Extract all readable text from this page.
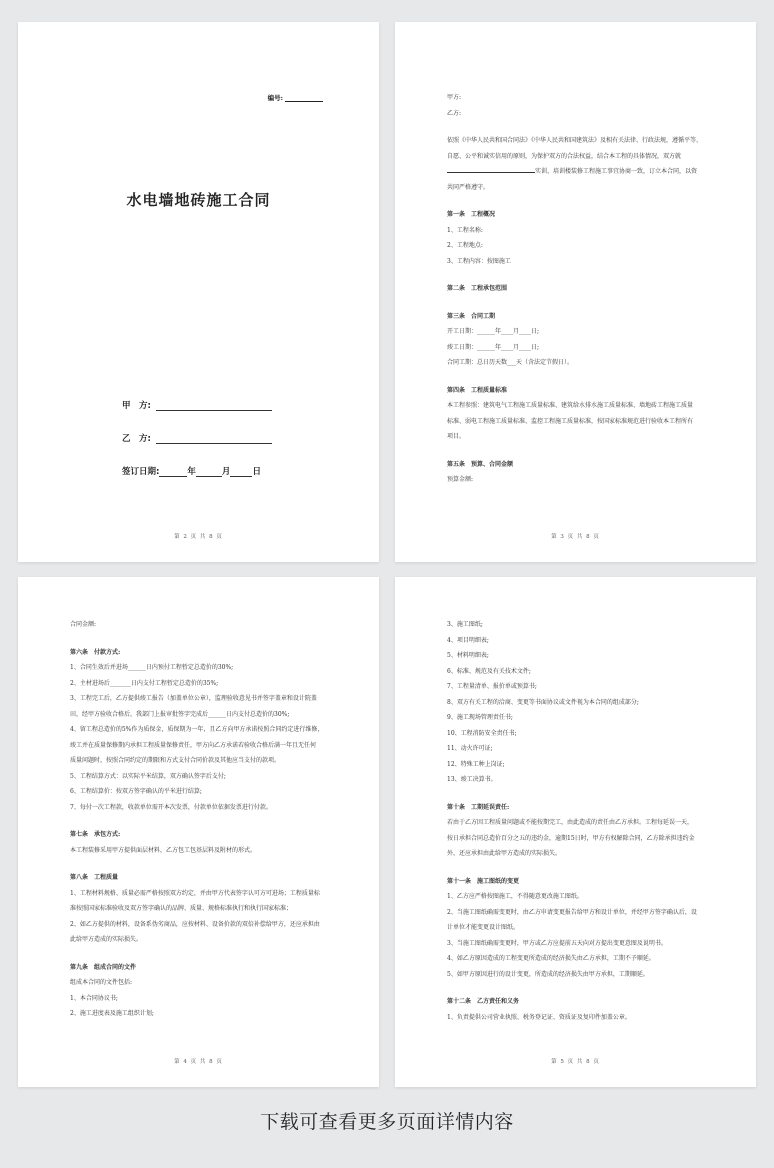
编号:
水电墙地砖施工合同
甲　方:
乙　方:
签订日期:	年	月	日
第 2 页 共 8 页
甲方:
乙方:
依照《中华人民共和国合同法》《中华人民共和国建筑法》及相有关法律、行政法规，遵循平等、
自愿、公平和诚实信用的原则，为保护双方的合法权益，结合本工程的具体情况，双方就
实训、培训楼装修工程施工事宜协商一致，订立本合同，以资
共同严格遵守。
第一条　工程概况
1、工程名称:
2、工程地点:
3、工程内容：按图施工
第二条　工程承包范围
第三条　合同工期
开工日期：______年____月____日;
竣工日期：______年____月____日;
合同工期：总日历天数___天（含法定节假日）。
第四条　工程质量标准
本工程参照：建筑电气工程施工质量标准、建筑给水排水施工质量标准、墙地砖工程施工质量
标准、弱电工程施工质量标准、监控工程施工质量标准，按国家标准规范进行验收本工程所有
项目。
第五条　预算、合同金额
预算金额:
第 3 页 共 8 页
合同金额:
第六条　付款方式:
1、合同生效后并进场______日内预付工程暂定总造价的30%;
2、主材进场后_______日内支付工程暂定总造价的35%;
3、工程完工后，乙方提供竣工报告（加盖单位公章），监理验收意见书并签字盖章和设计院盖
田，经甲方验收合格后，我部门上报审批签字完成后______日内支付总造价的30%;
4、留工程总造价的5%作为质保金，质保期为一年，且乙方向甲方承诺按照合同约定进行维修，
竣工并在质量保修期内承担工程质量保修责任，甲方向乙方承诺若验收合格后满一年且无任何
质量问题时，按照合同约定的期限和方式支付合同价款及其他应当支付的款项。
5、工程结算方式：以实际平米结算，双方确认签字后支付;
6、工程结算价：按双方签字确认的平米进行结算;
7、每付一次工程款，收款单位需开本次发票，付款单位依据发票进行付款。
第七条　承包方式:
本工程装修采用甲方提供面层材料，乙方包工包基层料及附材的形式。
第八条　工程质量
1、工程材料规格、质量必需严格按照双方约定，并由甲方代表签字认可方可进场；工程质量标
准按照国家标准验收及双方签字确认的品牌、质量、规格标准执行和执行国家标准；
2、如乙方提供的材料，设备系伪劣商品，应按材料、设备价款的双倍补偿给甲方，还应承担由
此给甲方造成的实际损失。
第九条　组成合同的文件
组成本合同的文件包括:
1、本合同协议书;
2、施工进度表及施工组织计划;
第 4 页 共 8 页
3、施工图纸;
4、项目明细表;
5、材料明细表;
6、标准、规范及有关技术文件;
7、工程量清单、报价单或预算书;
8、双方有关工程的洽商、变更等书面协议或文件视为本合同的组成部分;
9、施工现场管理责任书;
10、工程消防安全责任书;
11、动火许可证;
12、特殊工种上岗证;
13、竣工决算书。
第十条　工期延误责任:
若由于乙方因工程质量问题或不能按期完工，由此造成的责任由乙方承担。工程每延误一天，
按日承担合同总造价百分之五的违约金，逾期15日时，甲方有权解除合同，乙方除承担违约金
外，还应承担由此给甲方造成的实际损失。
第十一条　施工图纸的变更
1、乙方应严格按图施工，不得随意更改施工图纸。
2、当施工图纸确需变更时，由乙方申请变更报告给甲方和设计单位，并经甲方签字确认后，设
计单位才能变更设计图纸。
3、当施工图纸确需变更时，甲方或乙方应提前五天向对方提出变更意图及说明书。
4、如乙方原因造成的工程变更所造成的经济损失由乙方承担，工期不予顺延。
5、如甲方原因进行的设计变更，所造成的经济损失由甲方承担，工期顺延。
第十二条　乙方责任和义务
1、负责提供公司营业执照、税务登记证、资质证及复印件加盖公章。
第 5 页 共 8 页
下载可查看更多页面详情内容
